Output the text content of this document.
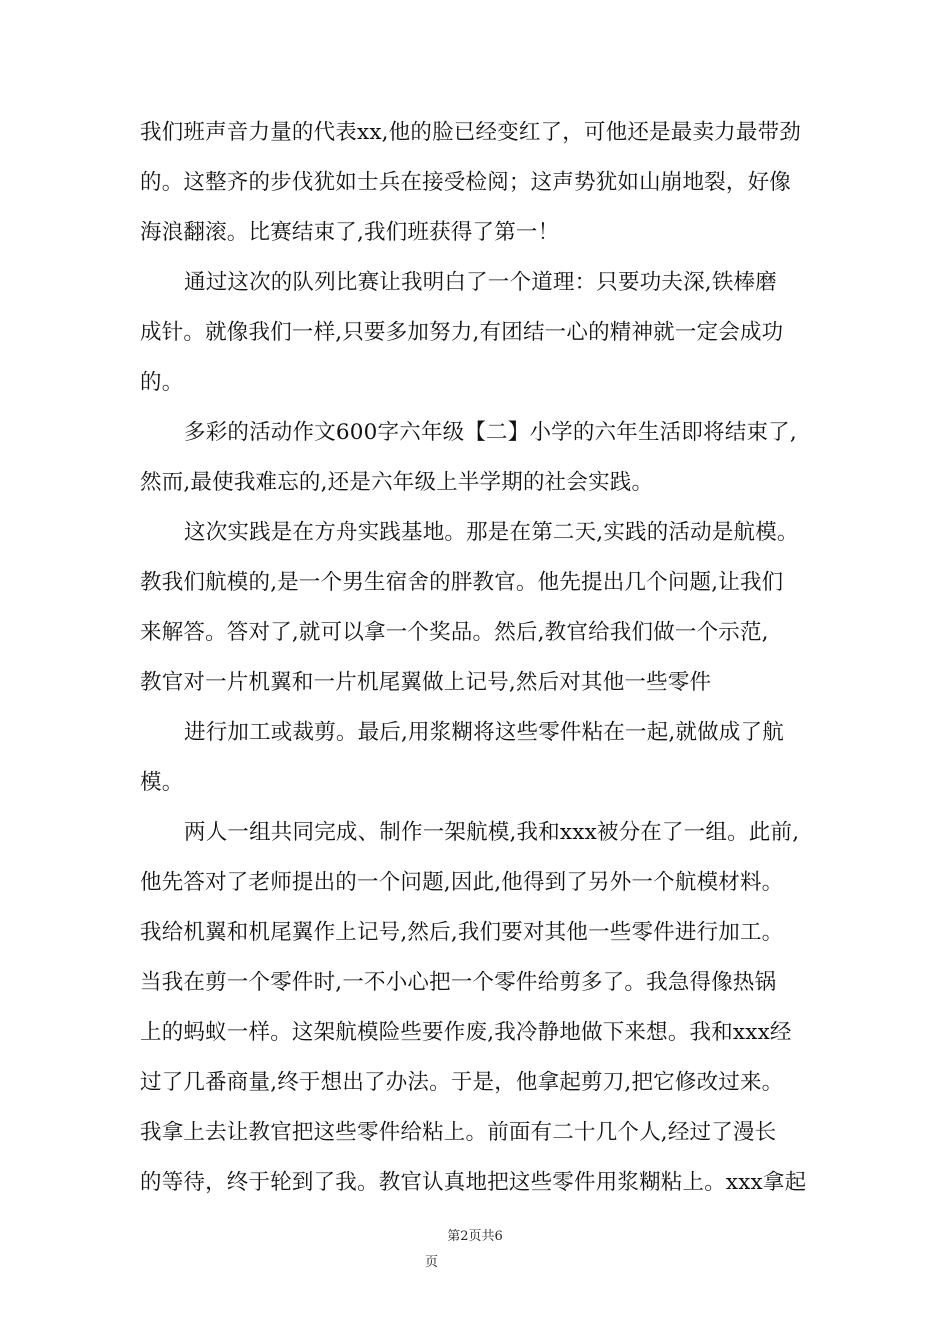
我们班声音力量的代表xx,他的脸已经变红了，可他还是最卖力最带劲
的。这整齐的步伐犹如士兵在接受检阅；这声势犹如山崩地裂，好像
海浪翻滚。比赛结束了,我们班获得了第一！
通过这次的队列比赛让我明白了一个道理：只要功夫深,铁棒磨
成针。就像我们一样,只要多加努力,有团结一心的精神就一定会成功
的。
多彩的活动作文600字六年级【二】小学的六年生活即将结束了,
然而,最使我难忘的,还是六年级上半学期的社会实践。
这次实践是在方舟实践基地。那是在第二天,实践的活动是航模。
教我们航模的,是一个男生宿舍的胖教官。他先提出几个问题,让我们
来解答。答对了,就可以拿一个奖品。然后,教官给我们做一个示范,
教官对一片机翼和一片机尾翼做上记号,然后对其他一些零件
进行加工或裁剪。最后,用浆糊将这些零件粘在一起,就做成了航
模。
两人一组共同完成、制作一架航模,我和xxx被分在了一组。此前,
他先答对了老师提出的一个问题,因此,他得到了另外一个航模材料。
我给机翼和机尾翼作上记号,然后,我们要对其他一些零件进行加工。
当我在剪一个零件时,一不小心把一个零件给剪多了。我急得像热锅
上的蚂蚁一样。这架航模险些要作废,我冷静地做下来想。我和xxx经
过了几番商量,终于想出了办法。于是，他拿起剪刀,把它修改过来。
我拿上去让教官把这些零件给粘上。前面有二十几个人,经过了漫长
的等待，终于轮到了我。教官认真地把这些零件用浆糊粘上。xxx拿起
第2页共6
页
